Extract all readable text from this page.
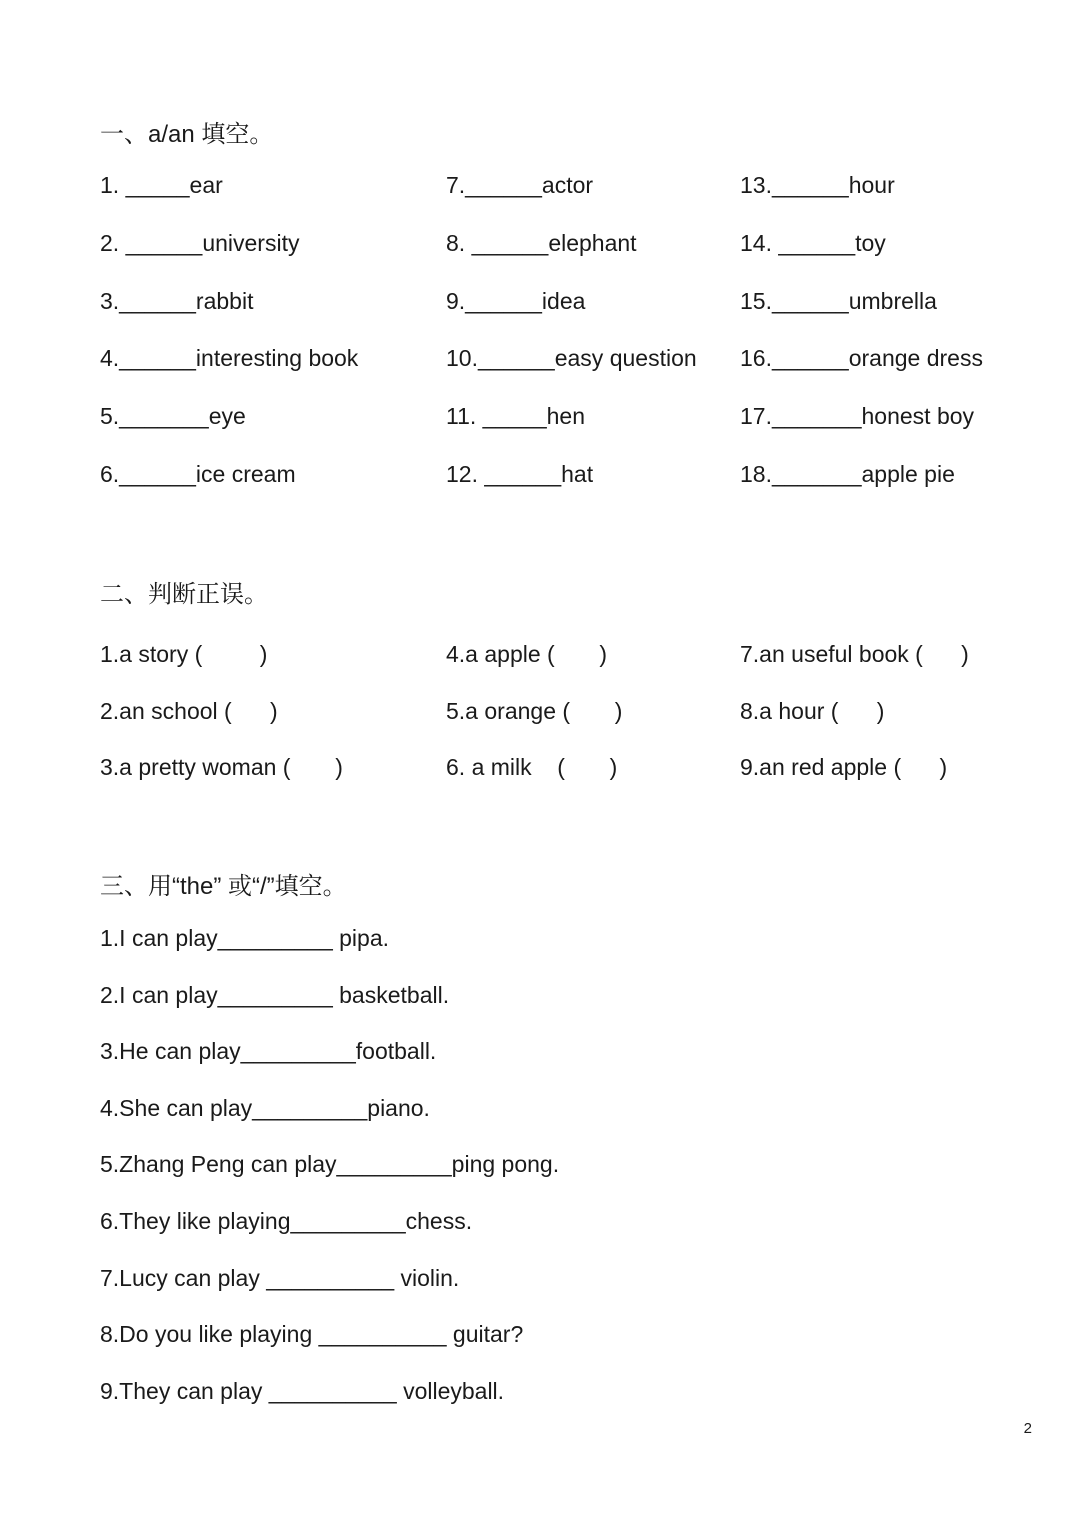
一、a/an 填空。
1. _____ear
2. ______university
3.______rabbit
4.______interesting book
5._______eye
6.______ice cream
7.______actor
8. ______elephant
9.______idea
10.______easy question
11. _____hen
12. ______hat
13.______hour
14. ______toy
15.______umbrella
16.______orange dress
17._______honest boy
18._______apple pie
二、判断正误。
1.a story (         )
2.an school (      )
3.a pretty woman (       )
4.a apple (       )
5.a orange (       )
6. a milk    (       )
7.an useful book (      )
8.a hour (      )
9.an red apple (      )
三、用“the” 或“/”填空。
1.I can play_________ pipa.
2.I can play_________ basketball.
3.He can play_________football.
4.She can play_________piano.
5.Zhang Peng can play_________ping pong.
6.They like playing_________chess.
7.Lucy can play __________ violin.
8.Do you like playing __________ guitar?
9.They can play __________ volleyball.
2
